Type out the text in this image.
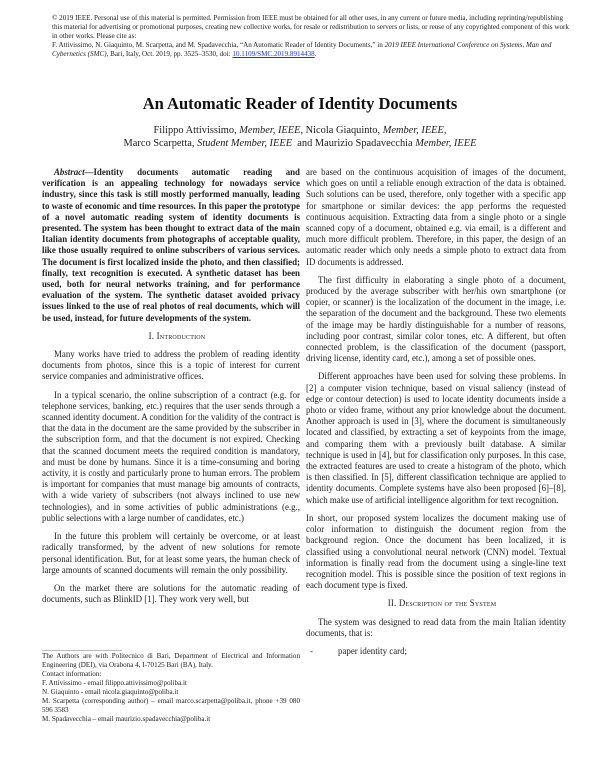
© 2019 IEEE. Personal use of this material is permitted. Permission from IEEE must be obtained for all other uses, in any current or future media, including reprinting/republishing this material for advertising or promotional purposes, creating new collective works, for resale or redistribution to servers or lists, or reuse of any copyrighted component of this work in other works. Please cite as:
F. Attivissimo, N. Giaquinto, M. Scarpetta, and M. Spadavecchia, “An Automatic Reader of Identity Documents,” in 2019 IEEE International Conference on Systems, Man and Cybernetics (SMC), Bari, Italy, Oct. 2019, pp. 3525–3530, doi: 10.1109/SMC.2019.8914438.
An Automatic Reader of Identity Documents
Filippo Attivissimo, Member, IEEE, Nicola Giaquinto, Member, IEEE,
Marco Scarpetta, Student Member, IEEE  and Maurizio Spadavecchia Member, IEEE

Abstract—Identity documents automatic reading and verification is an appealing technology for nowadays service industry, since this task is still mostly performed manually, leading to waste of economic and time resources. In this paper the prototype of a novel automatic reading system of identity documents is presented. The system has been thought to extract data of the main Italian identity documents from photographs of acceptable quality, like those usually required to online subscribers of various services. The document is first localized inside the photo, and then classified; finally, text recognition is executed. A synthetic dataset has been used, both for neural networks training, and for performance evaluation of the system. The synthetic dataset avoided privacy issues linked to the use of real photos of real documents, which will be used, instead, for future developments of the system.

I. Introduction

Many works have tried to address the problem of reading identity documents from photos, since this is a topic of interest for current service companies and administrative offices.

In a typical scenario, the online subscription of a contract (e.g. for telephone services, banking, etc.) requires that the user sends through a scanned identity document. A condition for the validity of the contract is that the data in the document are the same provided by the subscriber in the subscription form, and that the document is not expired. Checking that the scanned document meets the required condition is mandatory, and must be done by humans. Since it is a time-consuming and boring activity, it is costly and particularly prone to human errors. The problem is important for companies that must manage big amounts of contracts, with a wide variety of subscribers (not always inclined to use new technologies), and in some activities of public administrations (e.g., public selections with a large number of candidates, etc.)

In the future this problem will certainly be overcome, or at least radically transformed, by the advent of new solutions for remote personal identification. But, for at least some years, the human check of large amounts of scanned documents will remain the only possibility.

On the market there are solutions for the automatic reading of documents, such as BlinkID [1]. They work very well, but

The Authors are with Politecnico di Bari, Department of Electrical and Information Engineering (DEI), via Orabona 4, I-70125 Bari (BA), Italy.
Contact information:
F. Attivissimo - email filippo.attivissimo@poliba.it
N. Giaquinto - email nicola.giaquinto@poliba.it
M. Scarpetta (corresponding author) – email marco.scarpetta@poliba.it, phone +39 080 596 3583
M. Spadavecchia – email maurizio.spadavecchia@poliba.it

are based on the continuous acquisition of images of the document, which goes on until a reliable enough extraction of the data is obtained. Such solutions can be used, therefore, only together with a specific app for smartphone or similar devices: the app performs the requested continuous acquisition. Extracting data from a single photo or a single scanned copy of a document, obtained e.g. via email, is a different and much more difficult problem. Therefore, in this paper, the design of an automatic reader which only needs a simple photo to extract data from ID documents is addressed.

The first difficulty in elaborating a single photo of a document, produced by the average subscriber with her/his own smartphone (or copier, or scanner) is the localization of the document in the image, i.e. the separation of the document and the background. These two elements of the image may be hardly distinguishable for a number of reasons, including poor contrast, similar color tones, etc. A different, but often connected problem, is the classification of the document (passport, driving license, identity card, etc.), among a set of possible ones.

Different approaches have been used for solving these problems. In [2] a computer vision technique, based on visual saliency (instead of edge or contour detection) is used to locate identity documents inside a photo or video frame, without any prior knowledge about the document. Another approach is used in [3], where the document is simultaneously located and classified, by extracting a set of keypoints from the image, and comparing them with a previously built database. A similar technique is used in [4], but for classification only purposes. In this case, the extracted features are used to create a histogram of the photo, which is then classified. In [5], different classification technique are applied to identity documents. Complete systems have also been proposed [6]–[8], which make use of artificial intelligence algorithm for text recognition.

In short, our proposed system localizes the document making use of color information to distinguish the document region from the background region. Once the document has been localized, it is classified using a convolutional neural network (CNN) model. Textual information is finally read from the document using a single-line text recognition model. This is possible since the position of text regions in each document type is fixed.

II. Description of the System

The system was designed to read data from the main Italian identity documents, that is:

-	paper identity card;
